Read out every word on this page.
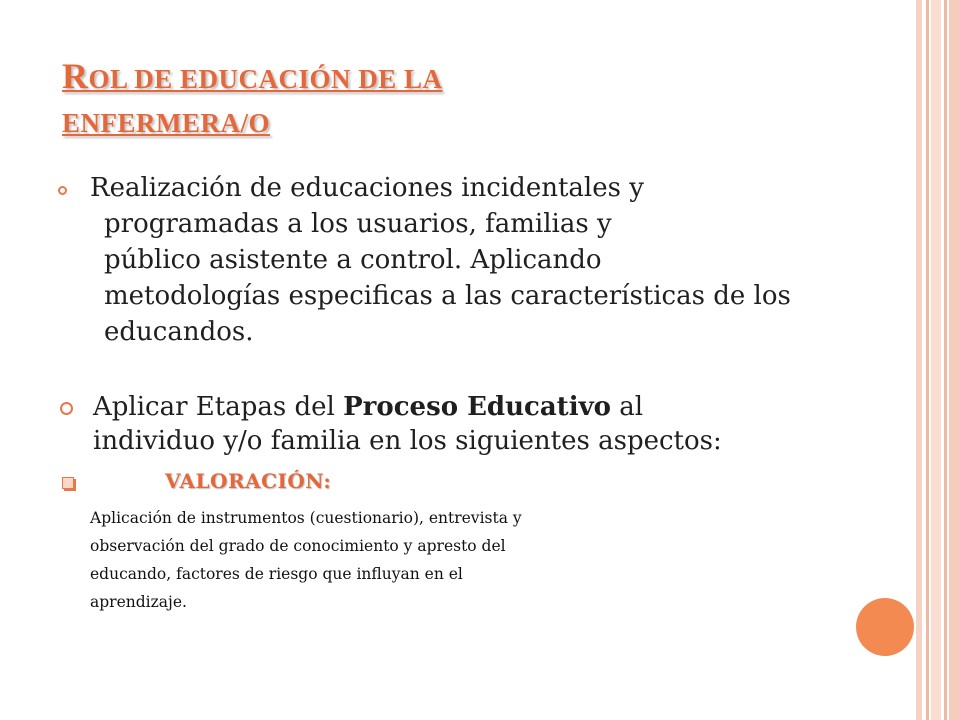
ROL DE EDUCACIÓN DE LA
ENFERMERA/O

Realización de educaciones incidentales y
programadas a los usuarios, familias y
público asistente a control. Aplicando
metodologías especificas a las características de los
educandos.

Aplicar Etapas del Proceso Educativo al
individuo y/o familia en los siguientes aspectos:

VALORACIÓN:

Aplicación de instrumentos (cuestionario), entrevista y
observación del grado de conocimiento y apresto del
educando, factores de riesgo que influyan en el
aprendizaje.
